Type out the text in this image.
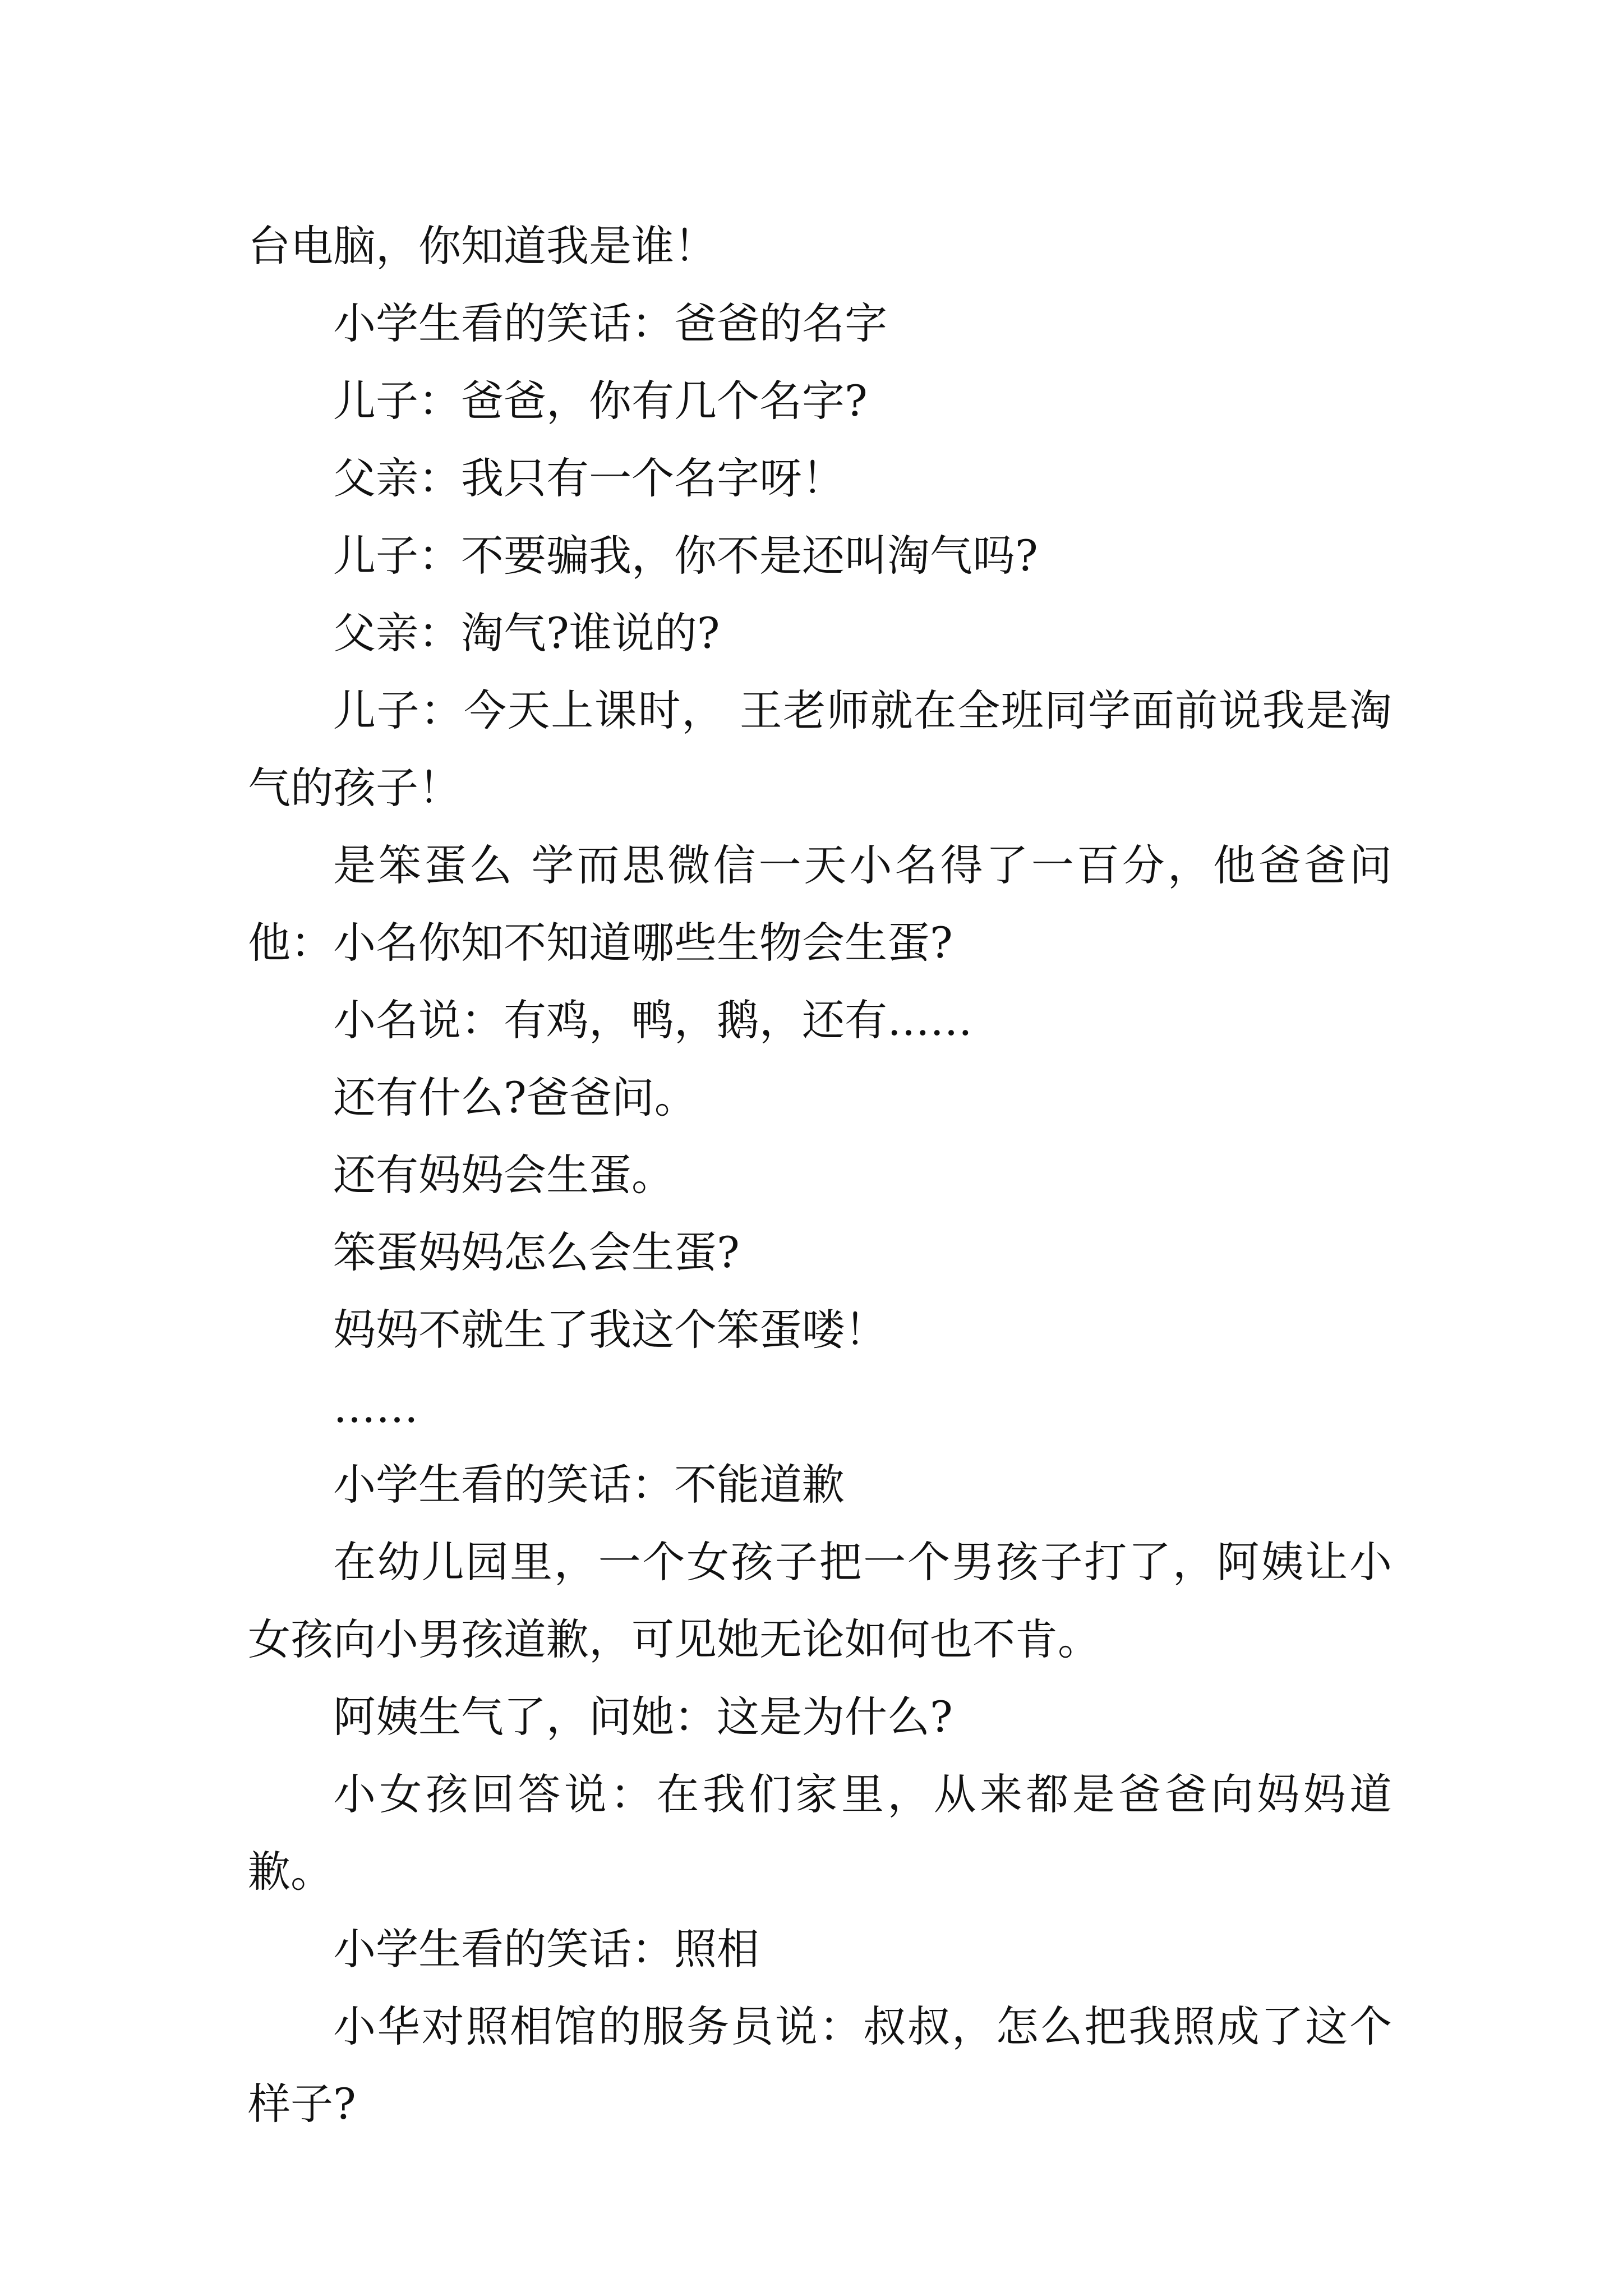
台电脑，你知道我是谁！

小学生看的笑话：爸爸的名字

儿子：爸爸，你有几个名字?

父亲：我只有一个名字呀！

儿子：不要骗我，你不是还叫淘气吗?

父亲：淘气?谁说的?

儿子：今天上课时， 王老师就在全班同学面前说我是淘气的孩子！

是笨蛋么 学而思微信一天小名得了一百分，他爸爸问他：小名你知不知道哪些生物会生蛋?

小名说：有鸡，鸭，鹅，还有……

还有什么?爸爸问。

还有妈妈会生蛋。

笨蛋妈妈怎么会生蛋?

妈妈不就生了我这个笨蛋喽！

……

小学生看的笑话：不能道歉

在幼儿园里，一个女孩子把一个男孩子打了，阿姨让小女孩向小男孩道歉，可见她无论如何也不肯。

阿姨生气了，问她：这是为什么?

小女孩回答说：在我们家里，从来都是爸爸向妈妈道歉。

小学生看的笑话：照相

小华对照相馆的服务员说：叔叔，怎么把我照成了这个样子?
